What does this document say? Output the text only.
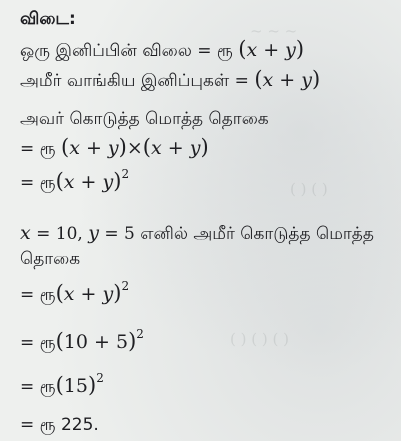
~ ~ ~
( ) ( )
( ) ( ) ( )
விடை:
ஒரு இனிப்பின் விலை = ரூ (x + y)
அமீர் வாங்கிய இனிப்புகள் = (x + y)
அவர் கொடுத்த மொத்த தொகை
= ரூ (x + y)×(x + y)
= ரூ(x + y)$^2$
x = 10, y = 5 எனில் அமீர் கொடுத்த மொத்த
தொகை
= ரூ(x + y)$^2$
= ரூ(10 + 5)$^2$
= $ரூ(15)^2$
= ரூ 225.
